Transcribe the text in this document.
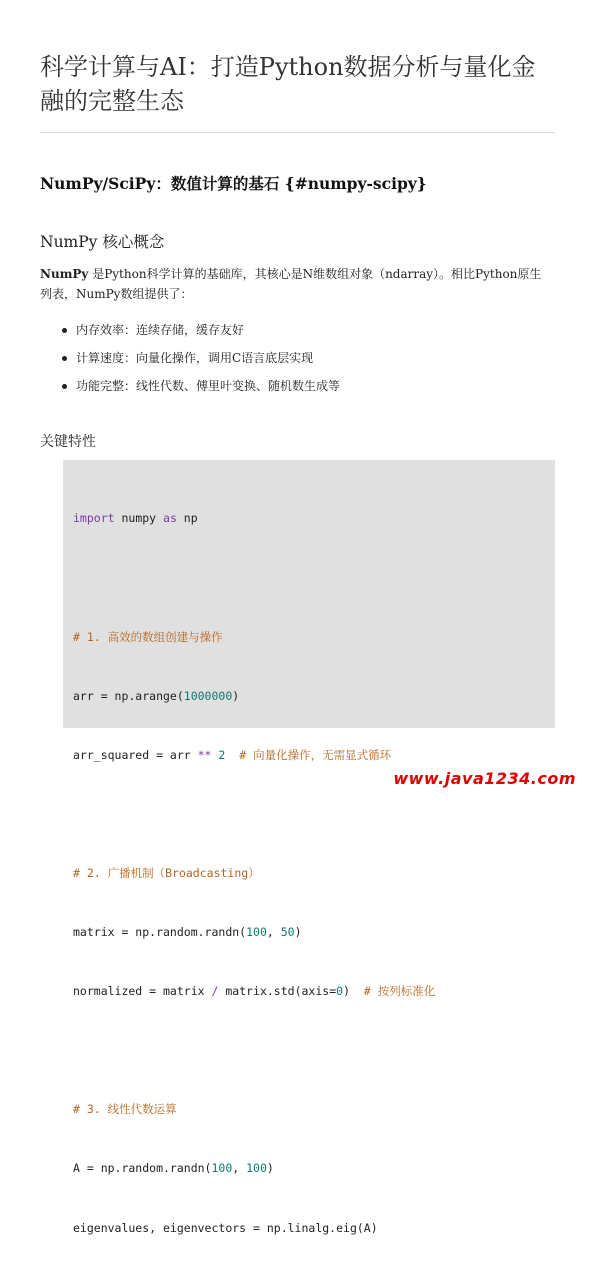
科学计算与AI：打造Python数据分析与量化金融的完整生态
NumPy/SciPy：数值计算的基石 {#numpy-scipy}
NumPy 核心概念

NumPy 是Python科学计算的基础库，其核心是N维数组对象（ndarray）。相比Python原生列表，NumPy数组提供了：

内存效率：连续存储，缓存友好
计算速度：向量化操作，调用C语言底层实现
功能完整：线性代数、傅里叶变换、随机数生成等
关键特性

import numpy as np

# 1. 高效的数组创建与操作

arr = np.arange(1000000)

arr_squared = arr ** 2 # 向量化操作，无需显式循环

# 2. 广播机制（Broadcasting）

matrix = np.random.randn(100, 50)

normalized = matrix / matrix.std(axis=0)  # 按列标准化

# 3. 线性代数运算

A = np.random.randn(100, 100)

eigenvalues, eigenvectors = np.linalg.eig(A)

www.java1234.com
